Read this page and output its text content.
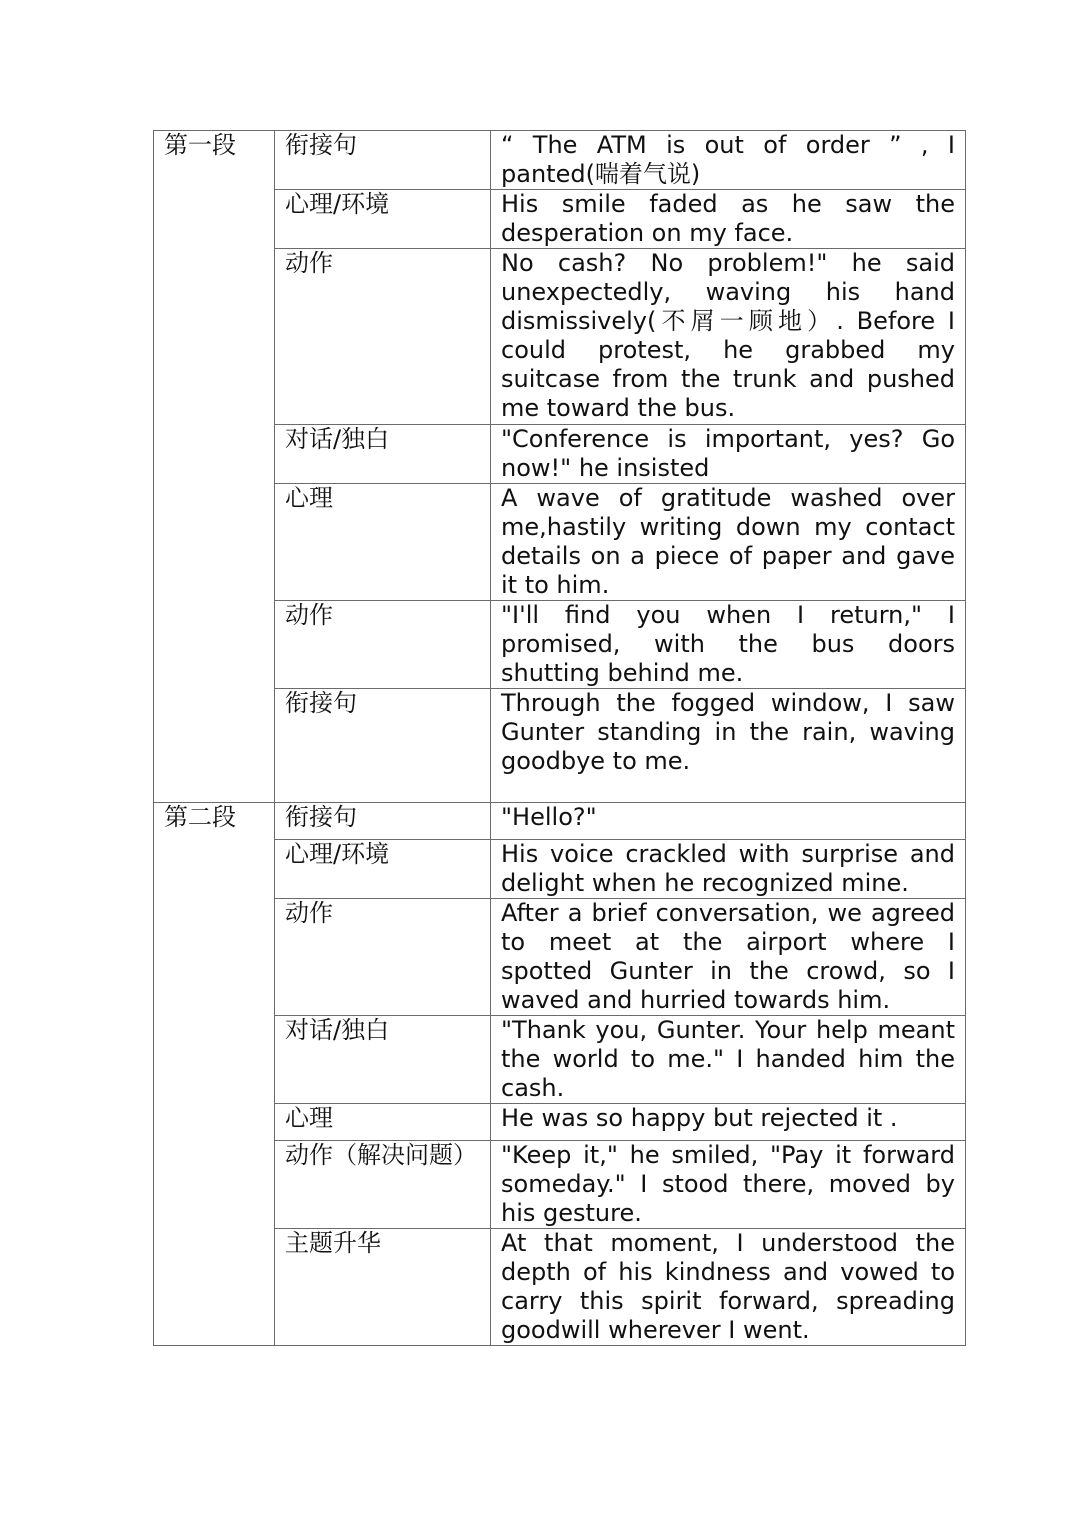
第一段	衔接句	“ The ATM is out of order ” , I panted(喘着气说)
	心理/环境	His smile faded as he saw the desperation on my face.
	动作	No cash? No problem!" he said unexpectedly, waving his hand dismissively(不屑一顾地）. Before I could protest, he grabbed my suitcase from the trunk and pushed me toward the bus.
	对话/独白	"Conference is important, yes? Go now!" he insisted
	心理	A wave of gratitude washed over me,hastily writing down my contact details on a piece of paper and gave it to him.
	动作	"I'll find you when I return," I promised, with the bus doors shutting behind me.
	衔接句	Through the fogged window, I saw Gunter standing in the rain, waving goodbye to me.
第二段	衔接句	"Hello?"
	心理/环境	His voice crackled with surprise and delight when he recognized mine.
	动作	After a brief conversation, we agreed to meet at the airport where I spotted Gunter in the crowd, so I waved and hurried towards him.
	对话/独白	"Thank you, Gunter. Your help meant the world to me." I handed him the cash.
	心理	He was so happy but rejected it .
	动作（解决问题）	"Keep it," he smiled, "Pay it forward someday." I stood there, moved by his gesture.
	主题升华	At that moment, I understood the depth of his kindness and vowed to carry this spirit forward, spreading goodwill wherever I went.
